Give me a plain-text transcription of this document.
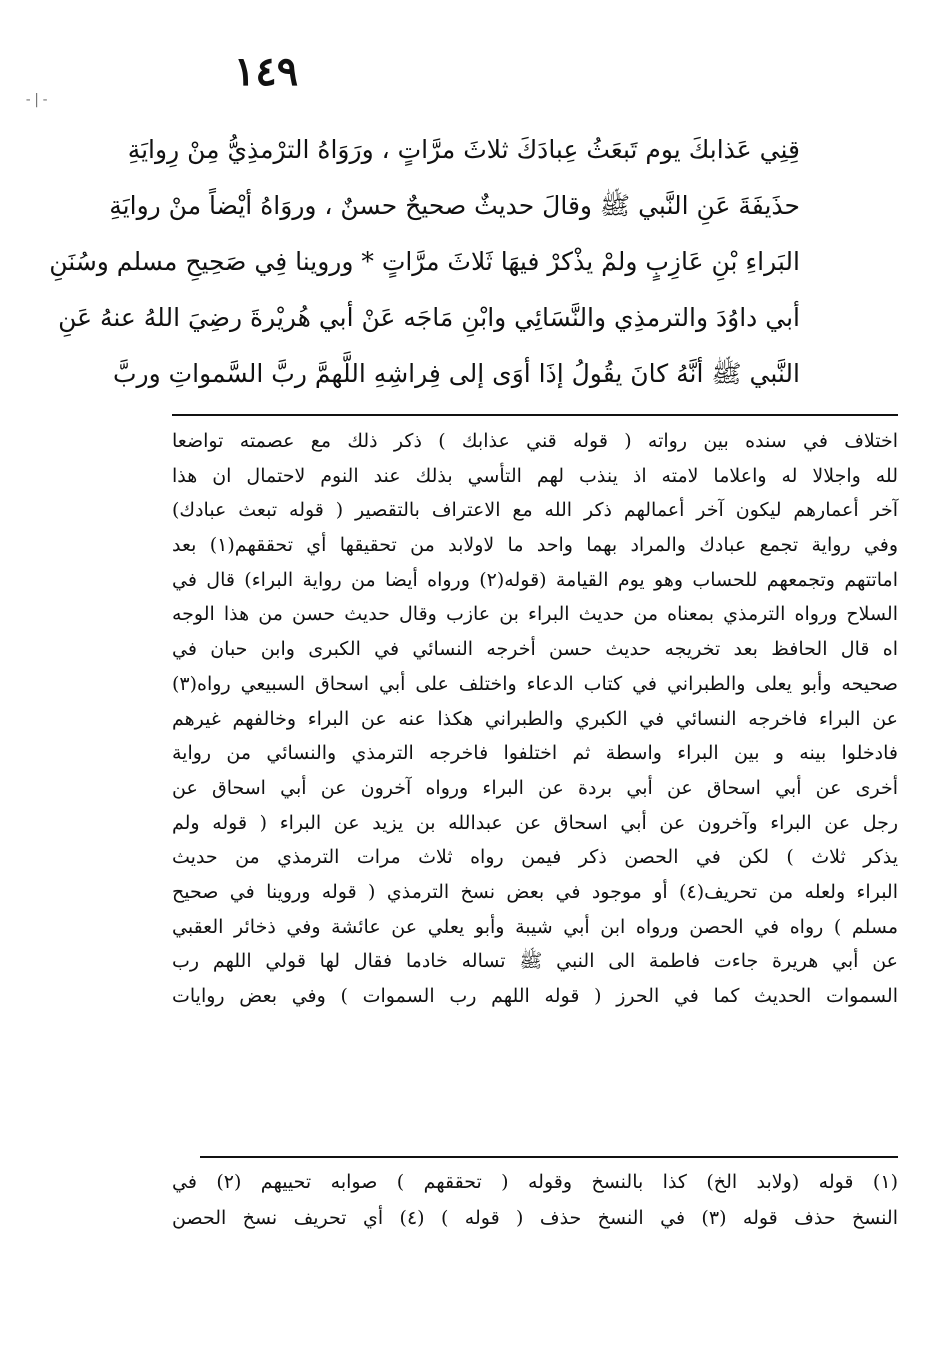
-|-
١٤٩
قِنِي عَذابكَ يوم تَبعَثُ عِبادَكَ ثلاثَ مرَّاتٍ ، ورَوَاهُ الترْمذِيُّ مِنْ رِوايَةِ
حذَيفَةَ عَنِ النَّبي ﷺ وقالَ حديثٌ صحيحٌ حسنٌ ، وروَاهُ أيْضاً منْ روايَةِ
البَراءِ بْنِ عَازِبٍ ولمْ يذْكرْ فيهَا ثَلاثَ مرَّاتٍ * وروينا فِي صَحِيحِ مسلم وسُنَنِ
أبي داوُدَ والترمذِي والنَّسَائِي وابْنِ مَاجَه عَنْ أبي هُريْرةَ رضِيَ اللهُ عنهُ عَنِ
النَّبي ﷺ أنَّهُ كانَ يقُولُ إذَا أوَى إلى فِراشِهِ اللَّهمَّ ربَّ السَّمواتِ وربَّ
اختلاف في سنده بين رواته ( قوله قني عذابك ) ذكر ذلك مع عصمته تواضعا
لله واجلالا له واعلاما لامته اذ ينذب لهم التأسي بذلك عند النوم لاحتمال ان هذا
آخر أعمارهم ليكون آخر أعمالهم ذكر الله مع الاعتراف بالتقصير ( قوله تبعث عبادك)
وفي رواية تجمع عبادك والمراد بهما واحد ما لاولابد من تحقيقها أي تحققهم(١) بعد
اماتتهم وتجمعهم للحساب وهو يوم القيامة (قوله(٢) ورواه أيضا من رواية البراء) قال في
السلاح ورواه الترمذي بمعناه من حديث البراء بن عازب وقال حديث حسن من هذا الوجه
اه قال الحافظ بعد تخريجه حديث حسن أخرجه النسائي في الكبرى وابن حبان في
صحيحه وأبو يعلى والطبراني في كتاب الدعاء واختلف على أبي اسحاق السبيعي رواه(٣)
عن البراء فاخرجه النسائي في الكبري والطبراني هكذا عنه عن البراء وخالفهم غيرهم
فادخلوا بينه و بين البراء واسطة ثم اختلفوا فاخرجه الترمذي والنسائي من رواية
أخرى عن أبي اسحاق عن أبي بردة عن البراء ورواه آخرون عن أبي اسحاق عن
رجل عن البراء وآخرون عن أبي اسحاق عن عبدالله بن يزيد عن البراء ( قوله ولم
يذكر ثلاث ) لكن في الحصن ذكر فيمن رواه ثلاث مرات الترمذي من حديث
البراء ولعله من تحريف(٤) أو موجود في بعض نسخ الترمذي ( قوله وروينا في صحيح
مسلم ) رواه في الحصن ورواه ابن أبي شيبة وأبو يعلي عن عائشة وفي ذخائر العقبي
عن أبي هريرة جاءت فاطمة الى النبي ﷺ تساله خادما فقال لها قولي اللهم رب
السموات الحديث كما في الحرز ( قوله اللهم رب السموات ) وفي بعض روايات
(١) قوله (ولابد الخ) كذا بالنسخ وقوله ( تحققهم ) صوابه تحييهم (٢) في
النسخ حذف قوله (٣) في النسخ حذف ( قوله ) (٤) أي تحريف نسخ الحصن
